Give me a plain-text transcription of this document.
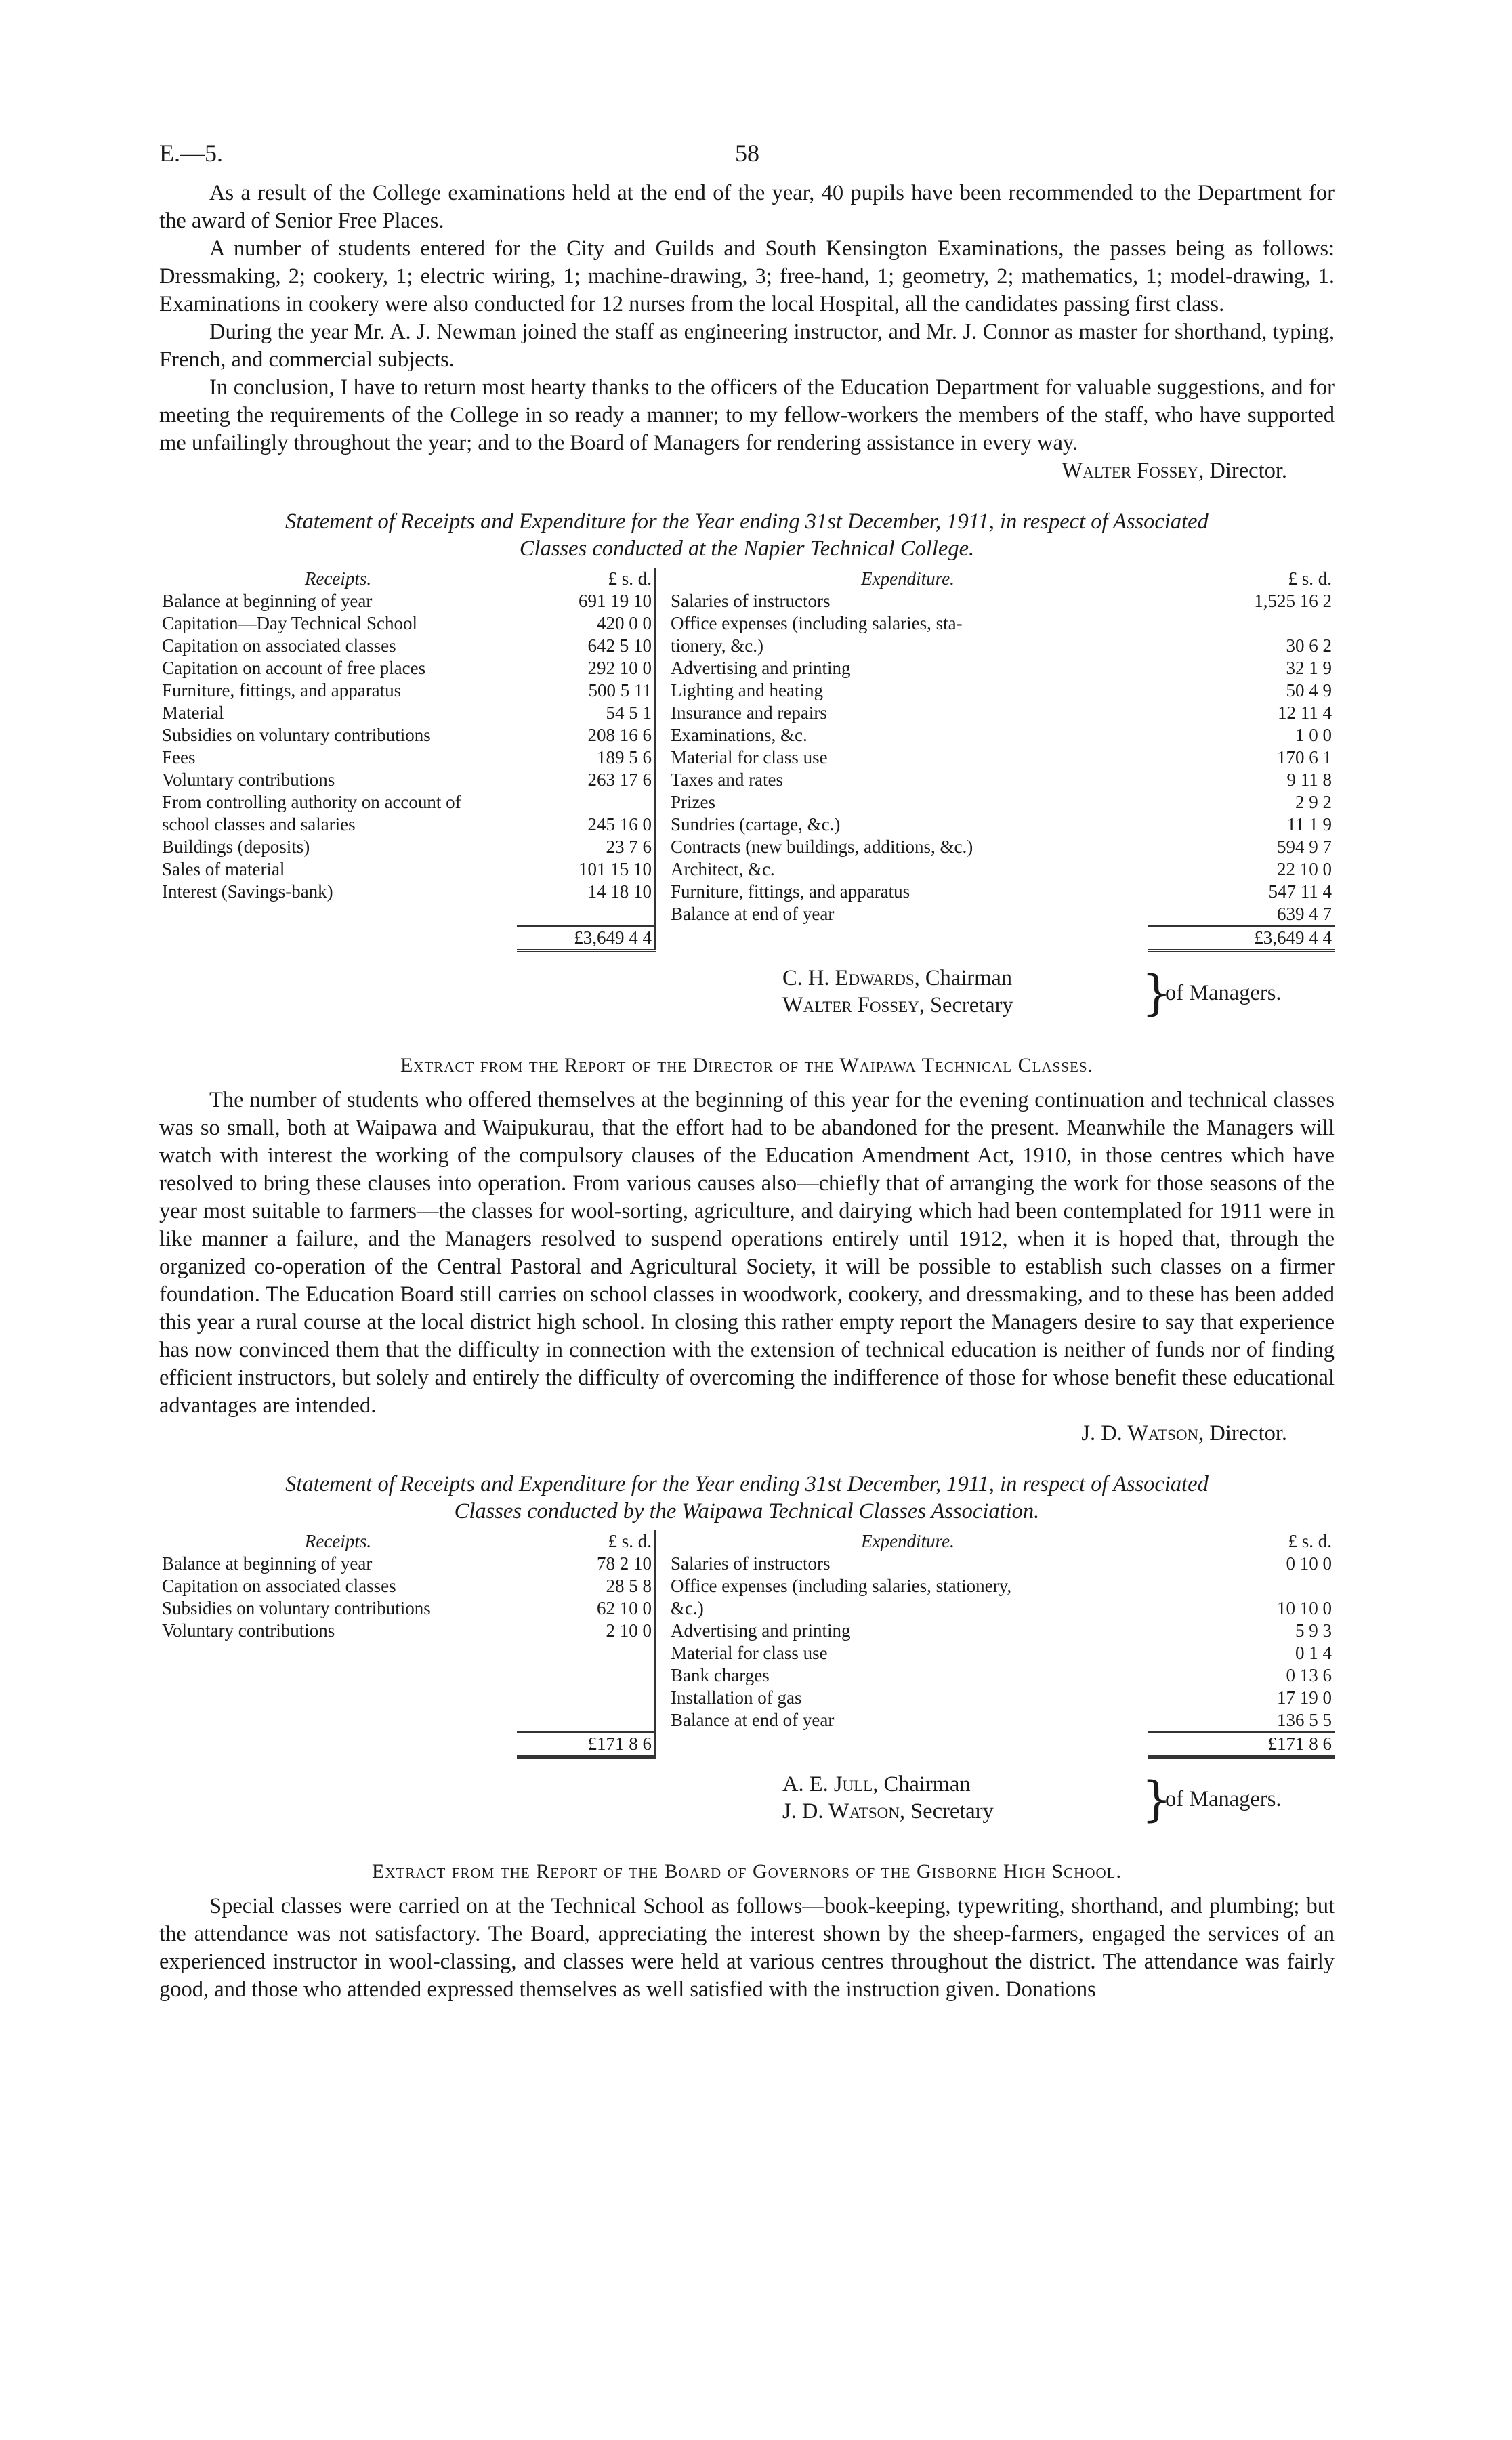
E.—5.	58

As a result of the College examinations held at the end of the year, 40 pupils have been recommended to the Department for the award of Senior Free Places.

A number of students entered for the City and Guilds and South Kensington Examinations, the passes being as follows: Dressmaking, 2; cookery, 1; electric wiring, 1; machine-drawing, 3; free-hand, 1; geometry, 2; mathematics, 1; model-drawing, 1. Examinations in cookery were also conducted for 12 nurses from the local Hospital, all the candidates passing first class.

During the year Mr. A. J. Newman joined the staff as engineering instructor, and Mr. J. Connor as master for shorthand, typing, French, and commercial subjects.

In conclusion, I have to return most hearty thanks to the officers of the Education Department for valuable suggestions, and for meeting the requirements of the College in so ready a manner; to my fellow-workers the members of the staff, who have supported me unfailingly throughout the year; and to the Board of Managers for rendering assistance in every way.

Walter Fossey, Director.
Statement of Receipts and Expenditure for the Year ending 31st December, 1911, in respect of Associated
Classes conducted at the Napier Technical College.
Receipts.	£ s. d.		Expenditure.	£ s. d.
Balance at beginning of year	691 19 10		Salaries of instructors	1,525 16 2
Capitation—Day Technical School	420 0 0		Office expenses (including salaries, sta-	
Capitation on associated classes	642 5 10		tionery, &c.)	30 6 2
Capitation on account of free places	292 10 0		Advertising and printing	32 1 9
Furniture, fittings, and apparatus	500 5 11		Lighting and heating	50 4 9
Material	54 5 1		Insurance and repairs	12 11 4
Subsidies on voluntary contributions	208 16 6		Examinations, &c.	1 0 0
Fees	189 5 6		Material for class use	170 6 1
Voluntary contributions	263 17 6		Taxes and rates	9 11 8
From controlling authority on account of			Prizes	2 9 2
school classes and salaries	245 16 0		Sundries (cartage, &c.)	11 1 9
Buildings (deposits)	23 7 6		Contracts (new buildings, additions, &c.)	594 9 7
Sales of material	101 15 10		Architect, &c.	22 10 0
Interest (Savings-bank)	14 18 10		Furniture, fittings, and apparatus	547 11 4
			Balance at end of year	639 4 7

	£3,649 4 4			£3,649 4 4
C. H. Edwards, Chairman
Walter Fossey, Secretary	}
of Managers.
Extract from the Report of the Director of the Waipawa Technical Classes.

The number of students who offered themselves at the beginning of this year for the evening continuation and technical classes was so small, both at Waipawa and Waipukurau, that the effort had to be abandoned for the present. Meanwhile the Managers will watch with interest the working of the compulsory clauses of the Education Amendment Act, 1910, in those centres which have resolved to bring these clauses into operation. From various causes also—chiefly that of arranging the work for those seasons of the year most suitable to farmers—the classes for wool-sorting, agriculture, and dairying which had been contemplated for 1911 were in like manner a failure, and the Managers resolved to suspend operations entirely until 1912, when it is hoped that, through the organized co-operation of the Central Pastoral and Agricultural Society, it will be possible to establish such classes on a firmer foundation. The Education Board still carries on school classes in woodwork, cookery, and dressmaking, and to these has been added this year a rural course at the local district high school. In closing this rather empty report the Managers desire to say that experience has now convinced them that the difficulty in connection with the extension of technical education is neither of funds nor of finding efficient instructors, but solely and entirely the difficulty of overcoming the indifference of those for whose benefit these educational advantages are intended.

J. D. Watson, Director.
Statement of Receipts and Expenditure for the Year ending 31st December, 1911, in respect of Associated
Classes conducted by the Waipawa Technical Classes Association.
Receipts.	£ s. d.		Expenditure.	£ s. d.
Balance at beginning of year	78 2 10		Salaries of instructors	0 10 0
Capitation on associated classes	28 5 8		Office expenses (including salaries, stationery,	
Subsidies on voluntary contributions	62 10 0		&c.)	10 10 0
Voluntary contributions	2 10 0		Advertising and printing	5 9 3
			Material for class use	0 1 4
			Bank charges	0 13 6
			Installation of gas	17 19 0
			Balance at end of year	136 5 5

	£171 8 6			£171 8 6
A. E. Jull, Chairman
J. D. Watson, Secretary	}
of Managers.
Extract from the Report of the Board of Governors of the Gisborne High School.

Special classes were carried on at the Technical School as follows—book-keeping, typewriting, shorthand, and plumbing; but the attendance was not satisfactory. The Board, appreciating the interest shown by the sheep-farmers, engaged the services of an experienced instructor in wool-classing, and classes were held at various centres throughout the district. The attendance was fairly good, and those who attended expressed themselves as well satisfied with the instruction given. Donations
